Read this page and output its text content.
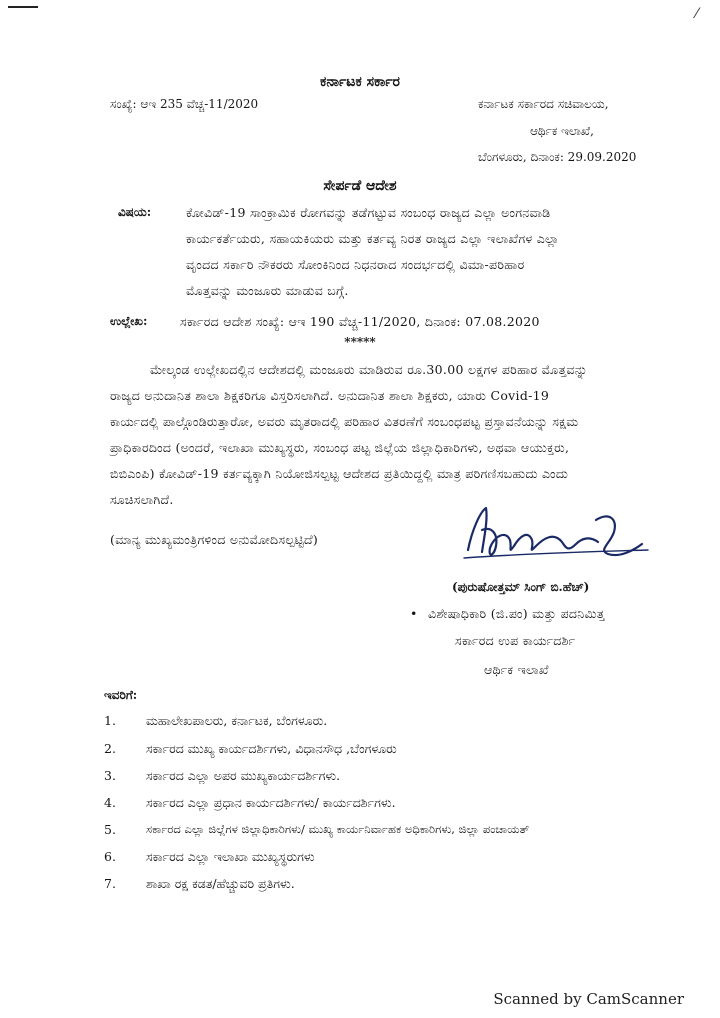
⁄
ಕರ್ನಾಟಕ ಸರ್ಕಾರ
ಸಂಖ್ಯೆ: ಆಇ 235 ವೆಚ್ಚ-11/2020	ಕರ್ನಾಟಕ ಸರ್ಕಾರದ ಸಚಿವಾಲಯ,
ಆರ್ಥಿಕ ಇಲಾಖೆ,
ಬೆಂಗಳೂರು, ದಿನಾಂಕ: 29.09.2020
ಸೇರ್ಪಡೆ ಆದೇಶ
ವಿಷಯ:	ಕೋವಿಡ್-19 ಸಾಂಕ್ರಾಮಿಕ ರೋಗವನ್ನು ತಡೆಗಟ್ಟುವ ಸಂಬಂಧ ರಾಜ್ಯದ ಎಲ್ಲಾ ಅಂಗನವಾಡಿ
ಕಾರ್ಯಕರ್ತೆಯರು, ಸಹಾಯಕಿಯರು ಮತ್ತು ಕರ್ತವ್ಯ ನಿರತ ರಾಜ್ಯದ ಎಲ್ಲಾ ಇಲಾಖೆಗಳ ಎಲ್ಲಾ
ವೃಂದದ ಸರ್ಕಾರಿ ನೌಕರರು ಸೋಂಕಿನಿಂದ ನಿಧನರಾದ ಸಂದರ್ಭದಲ್ಲಿ ವಿಮಾ-ಪರಿಹಾರ
ಮೊತ್ತವನ್ನು ಮಂಜೂರು ಮಾಡುವ ಬಗ್ಗೆ.
ಉಲ್ಲೇಖ:	ಸರ್ಕಾರದ ಆದೇಶ ಸಂಖ್ಯೆ: ಆಇ 190 ವೆಚ್ಚ-11/2020, ದಿನಾಂಕ: 07.08.2020
*****
ಮೇಲ್ಕಂಡ ಉಲ್ಲೇಖದಲ್ಲಿನ ಆದೇಶದಲ್ಲಿ ಮಂಜೂರು ಮಾಡಿರುವ ರೂ.30.00 ಲಕ್ಷಗಳ ಪರಿಹಾರ ಮೊತ್ತವನ್ನು
ರಾಜ್ಯದ ಅನುದಾನಿತ ಶಾಲಾ ಶಿಕ್ಷಕರಿಗೂ ವಿಸ್ತರಿಸಲಾಗಿದೆ. ಅನುದಾನಿತ ಶಾಲಾ ಶಿಕ್ಷಕರು, ಯಾರು Covid-19
ಕಾರ್ಯದಲ್ಲಿ ಪಾಲ್ಗೊಂಡಿರುತ್ತಾರೋ, ಅವರು ಮೃತರಾದಲ್ಲಿ ಪರಿಹಾರ ವಿತರಣೆಗೆ ಸಂಬಂಧಪಟ್ಟ ಪ್ರಸ್ತಾವನೆಯನ್ನು ಸಕ್ಷಮ
ಪ್ರಾಧಿಕಾರದಿಂದ (ಅಂದರೆ, ಇಲಾಖಾ ಮುಖ್ಯಸ್ಥರು, ಸಂಬಂಧ ಪಟ್ಟ ಜಿಲ್ಲೆಯ ಜಿಲ್ಲಾಧಿಕಾರಿಗಳು, ಅಥವಾ ಆಯುಕ್ತರು,
ಬಿಬಿಎಂಪಿ) ಕೋವಿಡ್-19 ಕರ್ತವ್ಯಕ್ಕಾಗಿ ನಿಯೋಜಿಸಲ್ಪಟ್ಟ ಆದೇಶದ ಪ್ರತಿಯಿದ್ದಲ್ಲಿ ಮಾತ್ರ ಪರಿಗಣಿಸಬಹುದು ಎಂದು
ಸೂಚಿಸಲಾಗಿದೆ.
(ಮಾನ್ಯ ಮುಖ್ಯಮಂತ್ರಿಗಳಿಂದ ಅನುಮೋದಿಸಲ್ಪಟ್ಟಿದೆ)
(ಪುರುಷೋತ್ತಮ್ ಸಿಂಗ್ ಬಿ.ಹೆಚ್)
• ವಿಶೇಷಾಧಿಕಾರಿ (ಜಿ.ಪಂ) ಮತ್ತು ಪದನಿಮಿತ್ತ
ಸರ್ಕಾರದ ಉಪ ಕಾರ್ಯದರ್ಶಿ
ಆರ್ಥಿಕ ಇಲಾಖೆ
ಇವರಿಗೆ:
1. ಮಹಾಲೇಖಪಾಲರು, ಕರ್ನಾಟಕ, ಬೆಂಗಳೂರು.
2. ಸರ್ಕಾರದ ಮುಖ್ಯ ಕಾರ್ಯದರ್ಶಿಗಳು, ವಿಧಾನಸೌಧ ,ಬೆಂಗಳೂರು
3. ಸರ್ಕಾರದ ಎಲ್ಲಾ ಅಪರ ಮುಖ್ಯಕಾರ್ಯದರ್ಶಿಗಳು.
4. ಸರ್ಕಾರದ ಎಲ್ಲಾ ಪ್ರಧಾನ ಕಾರ್ಯದರ್ಶಿಗಳು/ ಕಾರ್ಯದರ್ಶಿಗಳು.
5.	ಸರ್ಕಾರದ ಎಲ್ಲಾ ಜಿಲ್ಲೆಗಳ ಜಿಲ್ಲಾಧಿಕಾರಿಗಳು/ ಮುಖ್ಯ ಕಾರ್ಯನಿರ್ವಾಹಕ ಅಧಿಕಾರಿಗಳು, ಜಿಲ್ಲಾ ಪಂಚಾಯತ್
6. ಸರ್ಕಾರದ ಎಲ್ಲಾ ಇಲಾಖಾ ಮುಖ್ಯಸ್ಥರುಗಳು
7. ಶಾಖಾ ರಕ್ಷ ಕಡತ/ಹೆಚ್ಚುವರಿ ಪ್ರತಿಗಳು.
Scanned by CamScanner
